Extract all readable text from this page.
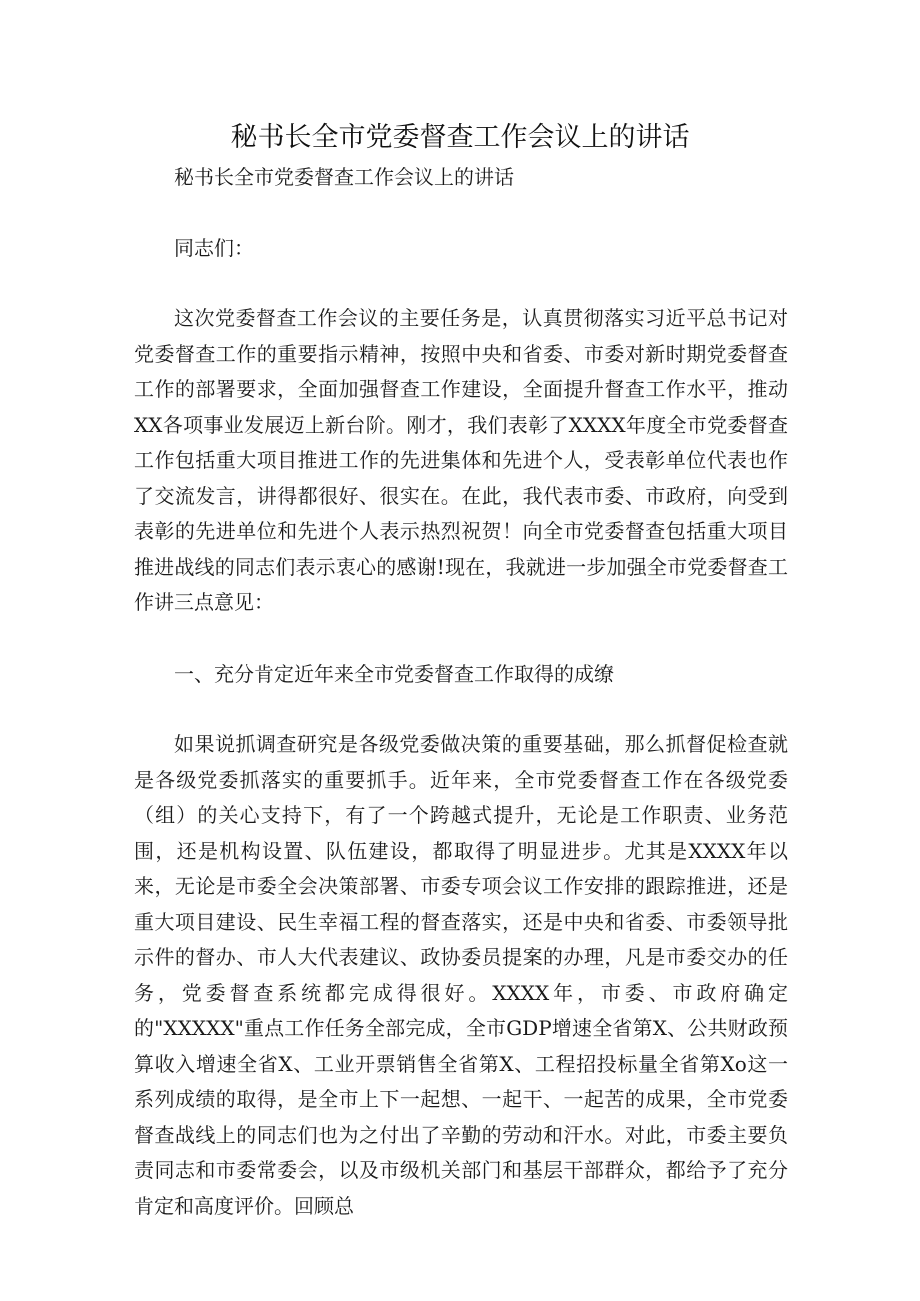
秘书长全市党委督查工作会议上的讲话

秘书长全市党委督查工作会议上的讲话

同志们：

这次党委督查工作会议的主要任务是，认真贯彻落实习近平总书记对党委督查工作的重要指示精神，按照中央和省委、市委对新时期党委督查工作的部署要求，全面加强督查工作建设，全面提升督查工作水平，推动XX各项事业发展迈上新台阶。刚才，我们表彰了XXXX年度全市党委督查工作包括重大项目推进工作的先进集体和先进个人，受表彰单位代表也作了交流发言，讲得都很好、很实在。在此，我代表市委、市政府，向受到表彰的先进单位和先进个人表示热烈祝贺！向全市党委督查包括重大项目推进战线的同志们表示衷心的感谢!现在，我就进一步加强全市党委督查工作讲三点意见：

一、充分肯定近年来全市党委督查工作取得的成缭

如果说抓调查研究是各级党委做决策的重要基础，那么抓督促检查就是各级党委抓落实的重要抓手。近年来，全市党委督查工作在各级党委（组）的关心支持下，有了一个跨越式提升，无论是工作职责、业务范围，还是机构设置、队伍建设，都取得了明显进步。尤其是XXXX年以来，无论是市委全会决策部署、市委专项会议工作安排的跟踪推进，还是重大项目建设、民生幸福工程的督查落实，还是中央和省委、市委领导批示件的督办、市人大代表建议、政协委员提案的办理，凡是市委交办的任务，党委督查系统都完成得很好。XXXX年，市委、市政府确定的"XXXXX"重点工作任务全部完成，全市GDP增速全省第X、公共财政预算收入增速全省X、工业开票销售全省第X、工程招投标量全省第Xo这一系列成绩的取得，是全市上下一起想、一起干、一起苦的成果，全市党委督查战线上的同志们也为之付出了辛勤的劳动和汗水。对此，市委主要负责同志和市委常委会，以及市级机关部门和基层干部群众，都给予了充分肯定和高度评价。回顾总
